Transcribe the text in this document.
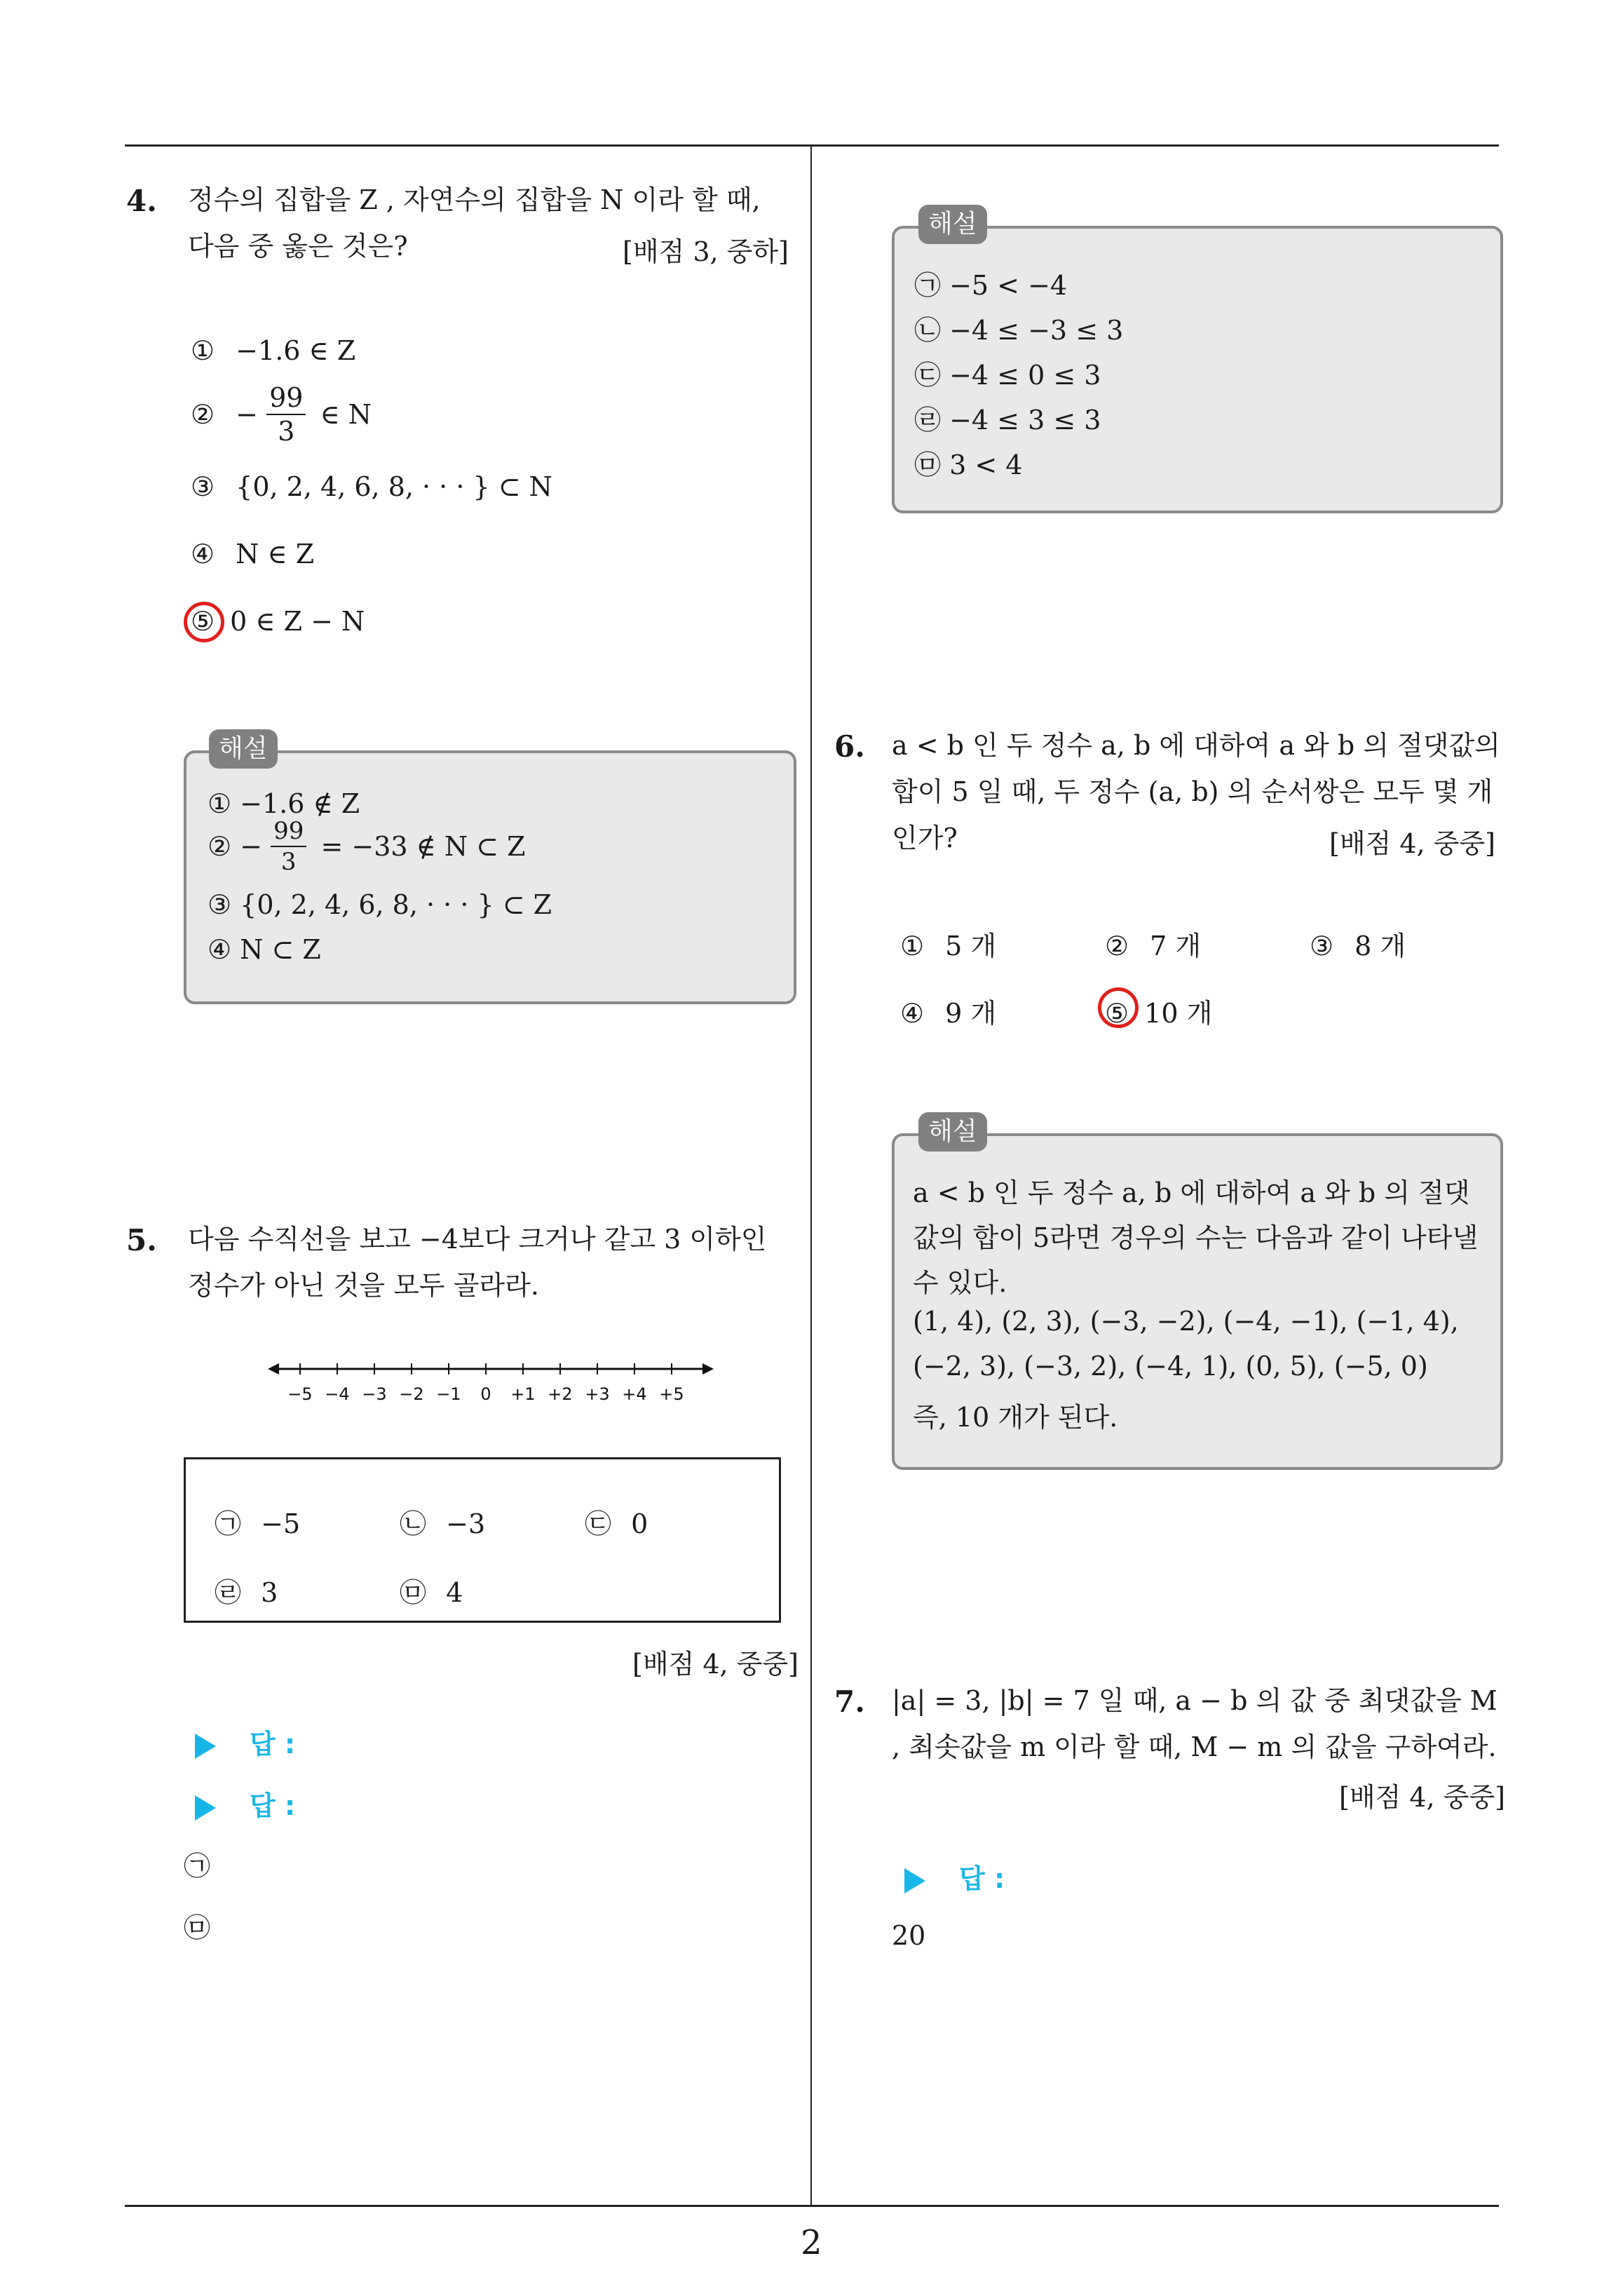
2
4. 정수의 집합을 Z , 자연수의 집합을 N 이라 할 때,
다음 중 옳은 것은?	[배점 3, 중하]
① −1.6 ∈ Z
② − $\frac{99}{3}$ ∈ N
③ {0, 2, 4, 6, 8, · · · } ⊂ N
④ N ∈ Z
⑤ 0 ∈ Z − N
해설
① −1.6 ∉ Z
② − $\frac{99}{3} = -33$ ∉ N ⊂ Z
③ {0, 2, 4, 6, 8, · · · } ⊂ Z
④ N ⊂ Z
5. 다음 수직선을 보고 −4보다 크거나 같고 3 이하인
정수가 아닌 것을 모두 골라라.
−5 −4 −3 −2 −1 0 +1 +2 +3 +4 +5
㉠ −5	㉡ −3	㉢ 0
㉣ 3	㉤ 4
[배점 4, 중중]
답 :
답 :
㉠
㉤
해설
㉠ −5 < −4
㉡ −4 ≤ −3 ≤ 3
㉢ −4 ≤ 0 ≤ 3
㉣ −4 ≤ 3 ≤ 3
㉤ 3 < 4
6. a < b 인 두 정수 a, b 에 대하여 a 와 b 의 절댓값의
합이 5 일 때, 두 정수 (a, b) 의 순서쌍은 모두 몇 개
인가?	[배점 4, 중중]
① 5 개	② 7 개	③ 8 개
④ 9 개	⑤ 10 개
해설
a < b 인 두 정수 a, b 에 대하여 a 와 b 의 절댓
값의 합이 5라면 경우의 수는 다음과 같이 나타낼
수 있다.
(1, 4), (2, 3), (−3, −2), (−4, −1), (−1, 4),
(−2, 3), (−3, 2), (−4, 1), (0, 5), (−5, 0)
즉, 10 개가 된다.
7. |a| = 3, |b| = 7 일 때, a − b 의 값 중 최댓값을 M
, 최솟값을 m 이라 할 때, M − m 의 값을 구하여라.
[배점 4, 중중]
답 :
20
